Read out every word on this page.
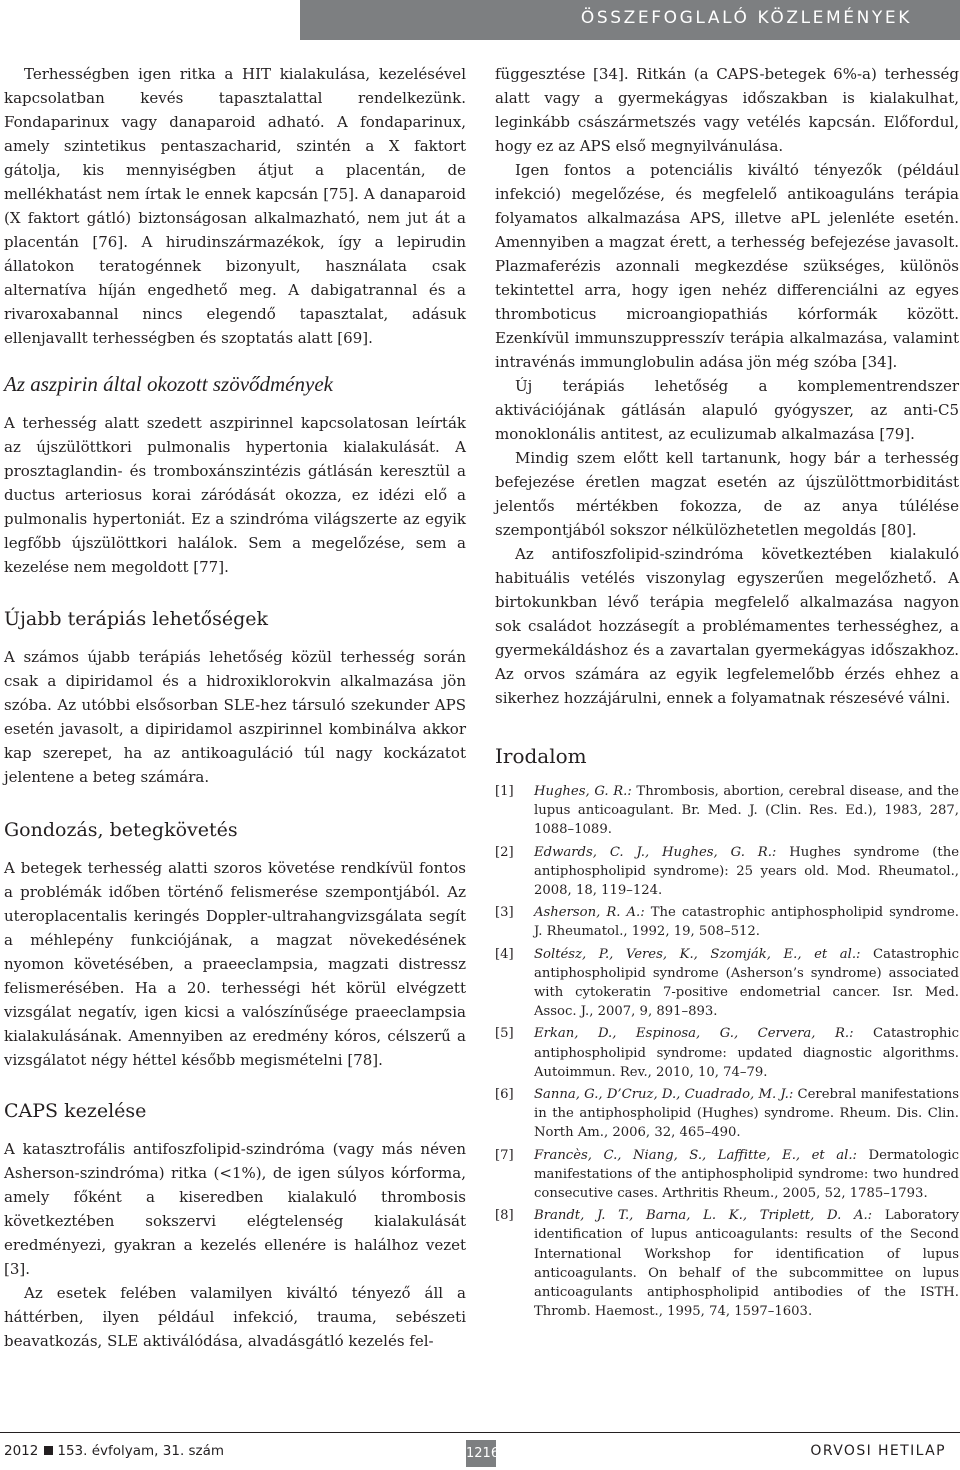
ÖSSZEFOGLALÓ KÖZLEMÉNYEK

Terhességben igen ritka a HIT kialakulása, kezelésével kapcsolatban kevés tapasztalattal rendelkezünk. Fondaparinux vagy danaparoid adható. A fondaparinux, amely szintetikus pentaszacharid, szintén a X faktort gátolja, kis mennyiségben átjut a placentán, de mellékhatást nem írtak le ennek kapcsán [75]. A danaparoid (X faktort gátló) biztonságosan alkalmazható, nem jut át a placentán [76]. A hirudinszármazékok, így a lepirudin állatokon teratogénnek bizonyult, használata csak alternatíva híján engedhető meg. A dabigatrannal és a rivaroxabannal nincs elegendő tapasztalat, adásuk ellenjavallt terhességben és szoptatás alatt [69].

Az aszpirin által okozott szövődmények

A terhesség alatt szedett aszpirinnel kapcsolatosan leírták az újszülöttkori pulmonalis hypertonia kialakulását. A prosztaglandin- és tromboxánszintézis gátlásán keresztül a ductus arteriosus korai záródását okozza, ez idézi elő a pulmonalis hypertoniát. Ez a szindróma világszerte az egyik legfőbb újszülöttkori halálok. Sem a megelőzése, sem a kezelése nem megoldott [77].

Újabb terápiás lehetőségek

A számos újabb terápiás lehetőség közül terhesség során csak a dipiridamol és a hidroxiklorokvin alkalmazása jön szóba. Az utóbbi elsősorban SLE-hez társuló szekunder APS esetén javasolt, a dipiridamol aszpirinnel kombinálva akkor kap szerepet, ha az antikoaguláció túl nagy kockázatot jelentene a beteg számára.

Gondozás, betegkövetés

A betegek terhesség alatti szoros követése rendkívül fontos a problémák időben történő felismerése szempontjából. Az uteroplacentalis keringés Doppler-ultrahangvizsgálata segít a méhlepény funkciójának, a magzat növekedésének nyomon követésében, a praeeclampsia, magzati distressz felismerésében. Ha a 20. terhességi hét körül elvégzett vizsgálat negatív, igen kicsi a valószínűsége praeeclampsia kialakulásának. Amennyiben az eredmény kóros, célszerű a vizsgálatot négy héttel később megismételni [78].

CAPS kezelése

A katasztrofális antifoszfolipid-szindróma (vagy más néven Asherson-szindróma) ritka (<1%), de igen súlyos kórforma, amely főként a kiseredben kialakuló thrombosis következtében sokszervi elégtelenség kialakulását eredményezi, gyakran a kezelés ellenére is halálhoz vezet [3].

Az esetek felében valamilyen kiváltó tényező áll a háttérben, ilyen például infekció, trauma, sebészeti beavatkozás, SLE aktiválódása, alvadásgátló kezelés fel-

függesztése [34]. Ritkán (a CAPS-betegek 6%-a) terhesség alatt vagy a gyermekágyas időszakban is kialakulhat, leginkább császármetszés vagy vetélés kapcsán. Előfordul, hogy ez az APS első megnyilvánulása.

Igen fontos a potenciális kiváltó tényezők (például infekció) megelőzése, és megfelelő antikoaguláns terápia folyamatos alkalmazása APS, illetve aPL jelenléte esetén. Amennyiben a magzat érett, a terhesség befejezése javasolt. Plazmaferézis azonnali megkezdése szükséges, különös tekintettel arra, hogy igen nehéz differenciálni az egyes thromboticus microangiopathiás kórformák között. Ezenkívül immunszuppresszív terápia alkalmazása, valamint intravénás immunglobulin adása jön még szóba [34].

Új terápiás lehetőség a komplementrendszer aktivációjának gátlásán alapuló gyógyszer, az anti-C5 monoklonális antitest, az eculizumab alkalmazása [79].

Mindig szem előtt kell tartanunk, hogy bár a terhesség befejezése éretlen magzat esetén az újszülöttmorbiditást jelentős mértékben fokozza, de az anya túlélése szempontjából sokszor nélkülözhetetlen megoldás [80].

Az antifoszfolipid-szindróma következtében kialakuló habituális vetélés viszonylag egyszerűen megelőzhető. A birtokunkban lévő terápia megfelelő alkalmazása nagyon sok családot hozzásegít a problémamentes terhességhez, a gyermekáldáshoz és a zavartalan gyermekágyas időszakhoz. Az orvos számára az egyik legfelemelőbb érzés ehhez a sikerhez hozzájárulni, ennek a folyamatnak részesévé válni.

Irodalom
[1] Hughes, G. R.: Thrombosis, abortion, cerebral disease, and the lupus anticoagulant. Br. Med. J. (Clin. Res. Ed.), 1983, 287, 1088–1089.
[2] Edwards, C. J., Hughes, G. R.: Hughes syndrome (the antiphospholipid syndrome): 25 years old. Mod. Rheumatol., 2008, 18, 119–124.
[3] Asherson, R. A.: The catastrophic antiphospholipid syndrome. J. Rheumatol., 1992, 19, 508–512.
[4] Soltész, P., Veres, K., Szomják, E., et al.: Catastrophic antiphospholipid syndrome (Asherson’s syndrome) associated with cytokeratin 7-positive endometrial cancer. Isr. Med. Assoc. J., 2007, 9, 891–893.
[5] Erkan, D., Espinosa, G., Cervera, R.: Catastrophic antiphospholipid syndrome: updated diagnostic algorithms. Autoimmun. Rev., 2010, 10, 74–79.
[6] Sanna, G., D’Cruz, D., Cuadrado, M. J.: Cerebral manifestations in the antiphospholipid (Hughes) syndrome. Rheum. Dis. Clin. North Am., 2006, 32, 465–490.
[7] Francès, C., Niang, S., Laffitte, E., et al.: Dermatologic manifestations of the antiphospholipid syndrome: two hundred consecutive cases. Arthritis Rheum., 2005, 52, 1785–1793.
[8] Brandt, J. T., Barna, L. K., Triplett, D. A.: Laboratory identification of lupus anticoagulants: results of the Second International Workshop for identification of lupus anticoagulants. On behalf of the subcommittee on lupus anticoagulants antiphospholipid antibodies of the ISTH. Thromb. Haemost., 1995, 74, 1597–1603.
2012 153. évfolyam, 31. szám	1216	ORVOSI HETILAP
